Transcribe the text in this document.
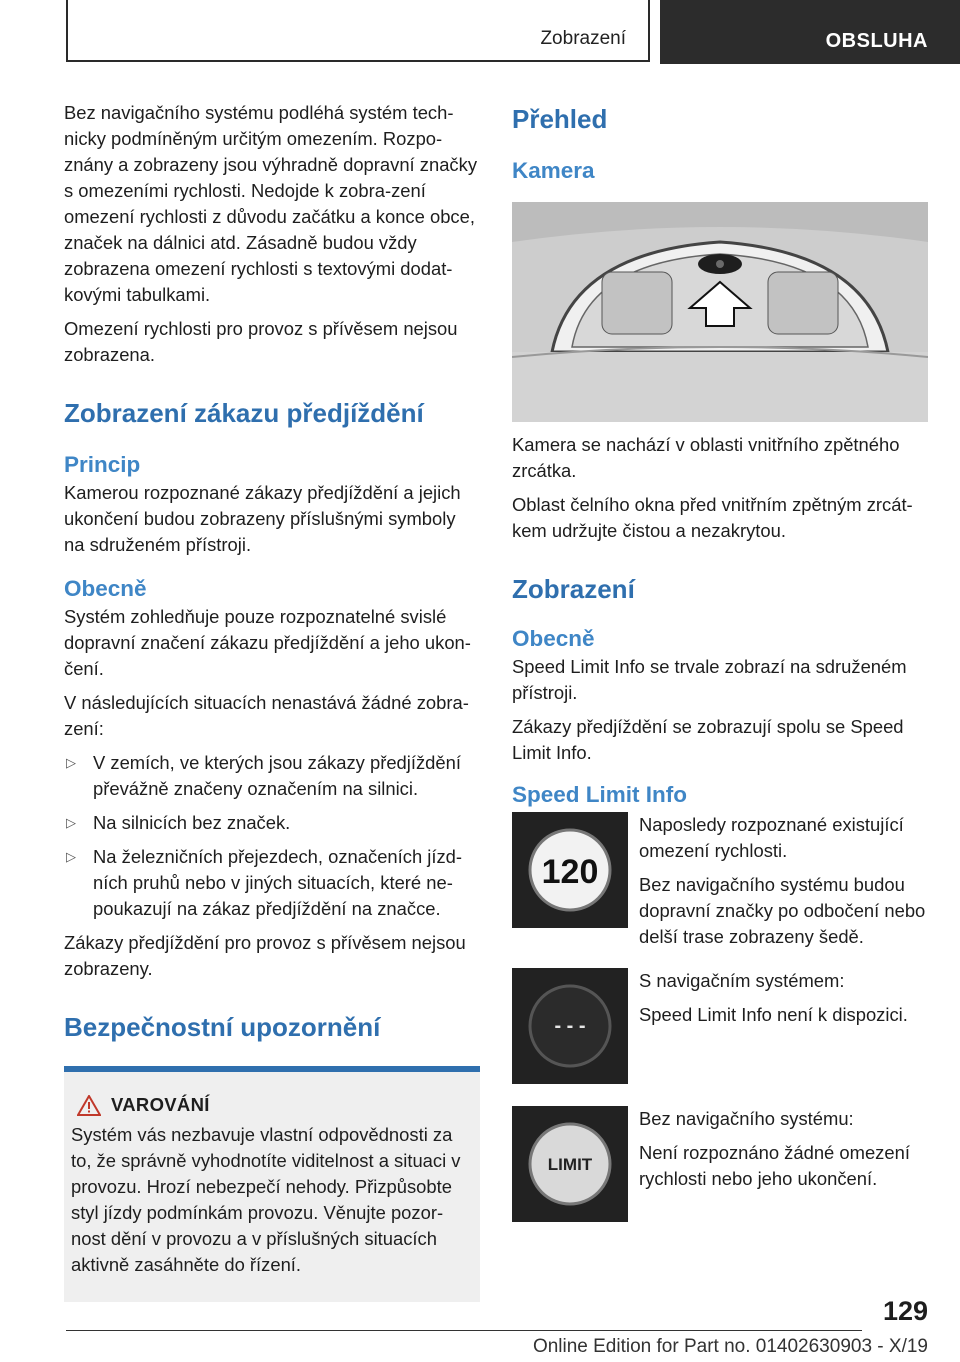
Zobrazení	OBSLUHA

Bez navigačního systému podléhá systém tech-nicky podmíněným určitým omezením. Rozpo-znány a zobrazeny jsou výhradně dopravní značky s omezeními rychlosti. Nedojde k zobra-zení omezení rychlosti z důvodu začátku a konce obce, značek na dálnici atd. Zásadně budou vždy zobrazena omezení rychlosti s textovými dodat-kovými tabulkami.

Omezení rychlosti pro provoz s přívěsem nejsou zobrazena.

Zobrazení zákazu předjíždění
Princip

Kamerou rozpoznané zákazy předjíždění a jejich ukončení budou zobrazeny příslušnými symboly na sdruženém přístroji.

Obecně

Systém zohledňuje pouze rozpoznatelné svislé dopravní značení zákazu předjíždění a jeho ukon-čení.

V následujících situacích nenastává žádné zobra-zení:

▷ V zemích, ve kterých jsou zákazy předjíždění převážně značeny označením na silnici.
▷ Na silnicích bez značek.
▷ Na železničních přejezdech, označeních jízd-ních pruhů nebo v jiných situacích, které ne-poukazují na zákaz předjíždění na značce.

Zákazy předjíždění pro provoz s přívěsem nejsou zobrazeny.

Bezpečnostní upozornění
VAROVÁNÍ

Systém vás nezbavuje vlastní odpovědnosti za to, že správně vyhodnotíte viditelnost a situaci v provozu. Hrozí nebezpečí nehody. Přizpůsobte styl jízdy podmínkám provozu. Věnujte pozor-nost dění v provozu a v příslušných situacích aktivně zasáhněte do řízení.

Přehled
Kamera

Kamera se nachází v oblasti vnitřního zpětného zrcátka.

Oblast čelního okna před vnitřním zpětným zrcát-kem udržujte čistou a nezakrytou.

Zobrazení
Obecně

Speed Limit Info se trvale zobrazí na sdruženém přístroji.

Zákazy předjíždění se zobrazují spolu se Speed Limit Info.

Speed Limit Info
120

Naposledy rozpoznané existující omezení rychlosti.

Bez navigačního systému budou dopravní značky po odbočení nebo delší trase zobrazeny šedě.

- - -

S navigačním systémem:

Speed Limit Info není k dispozici.

LIMIT

Bez navigačního systému:

Není rozpoznáno žádné omezení rychlosti nebo jeho ukončení.

129
Online Edition for Part no. 01402630903 - X/19
